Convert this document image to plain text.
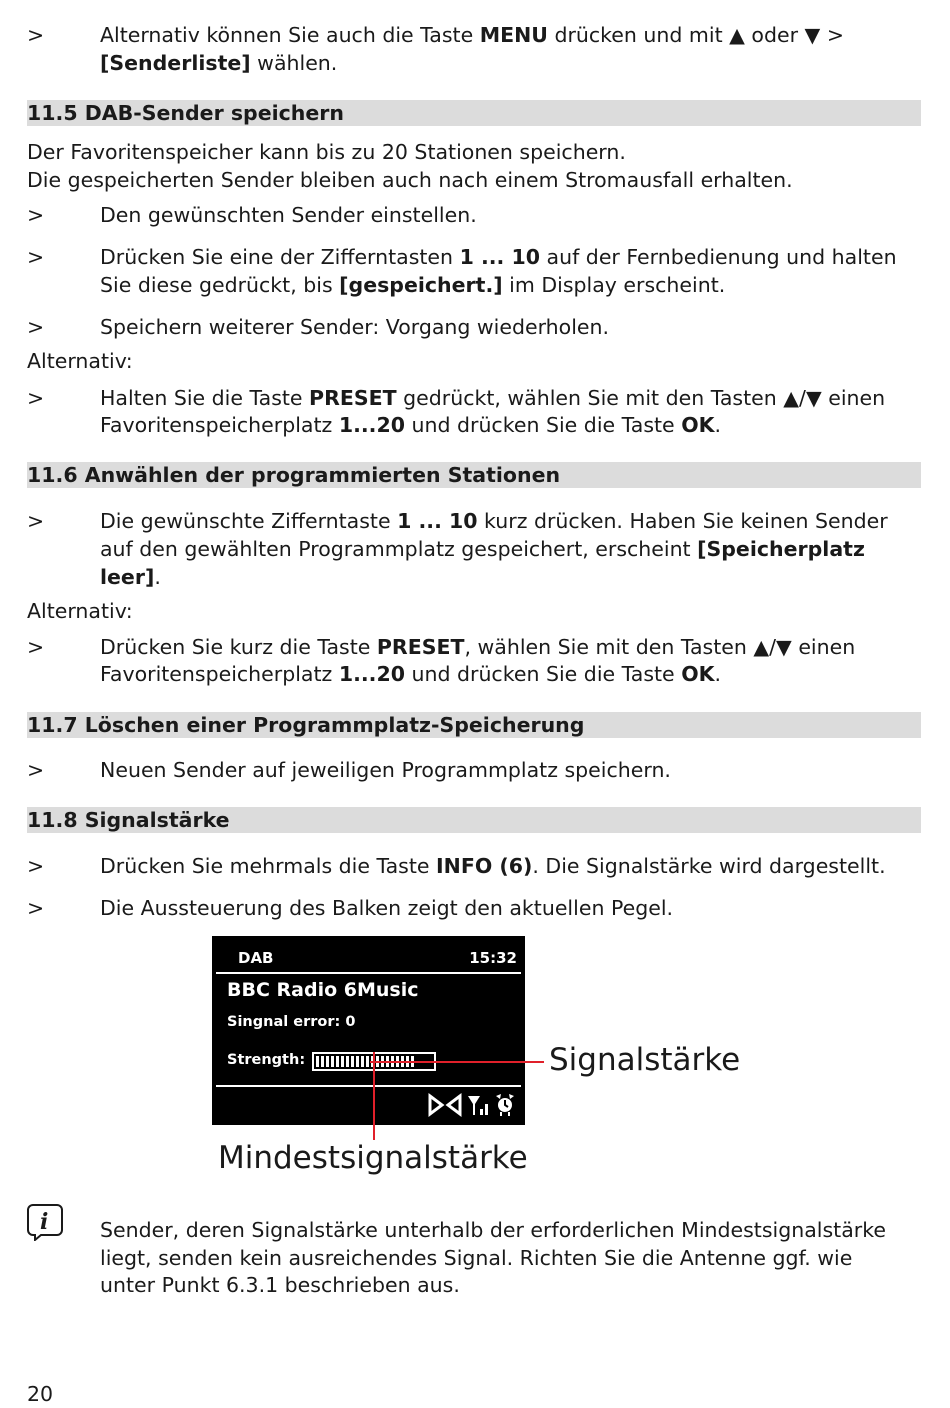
>	Alternativ können Sie auch die Taste MENU drücken und mit ▲ oder ▼ >
[Senderliste] wählen.
11.5 DAB-Sender speichern
Der Favoritenspeicher kann bis zu 20 Stationen speichern.
Die gespeicherten Sender bleiben auch nach einem Stromausfall erhalten.
>	Den gewünschten Sender einstellen.
>	Drücken Sie eine der Zifferntasten 1 ... 10 auf der Fernbedienung und halten
Sie diese gedrückt, bis [gespeichert.] im Display erscheint.
>	Speichern weiterer Sender: Vorgang wiederholen.
Alternativ:
>	Halten Sie die Taste PRESET gedrückt, wählen Sie mit den Tasten ▲/▼ einen
Favoritenspeicherplatz 1...20 und drücken Sie die Taste OK.
11.6 Anwählen der programmierten Stationen
>	Die gewünschte Zifferntaste 1 ... 10 kurz drücken. Haben Sie keinen Sender
auf den gewählten Programmplatz gespeichert, erscheint [Speicherplatz
leer].
Alternativ:
>	Drücken Sie kurz die Taste PRESET, wählen Sie mit den Tasten ▲/▼ einen
Favoritenspeicherplatz 1...20 und drücken Sie die Taste OK.
11.7 Löschen einer Programmplatz-Speicherung
>	Neuen Sender auf jeweiligen Programmplatz speichern.
11.8 Signalstärke
>	Drücken Sie mehrmals die Taste INFO (6). Die Signalstärke wird dargestellt.
>	Die Aussteuerung des Balken zeigt den aktuellen Pegel.
DAB	15:32
BBC Radio 6Music
Singnal error: 0
Strength:	Signalstärke
Mindestsignalstärke
i	Sender, deren Signalstärke unterhalb der erforderlichen Mindestsignalstärke
liegt, senden kein ausreichendes Signal. Richten Sie die Antenne ggf. wie
unter Punkt 6.3.1 beschrieben aus.
20
